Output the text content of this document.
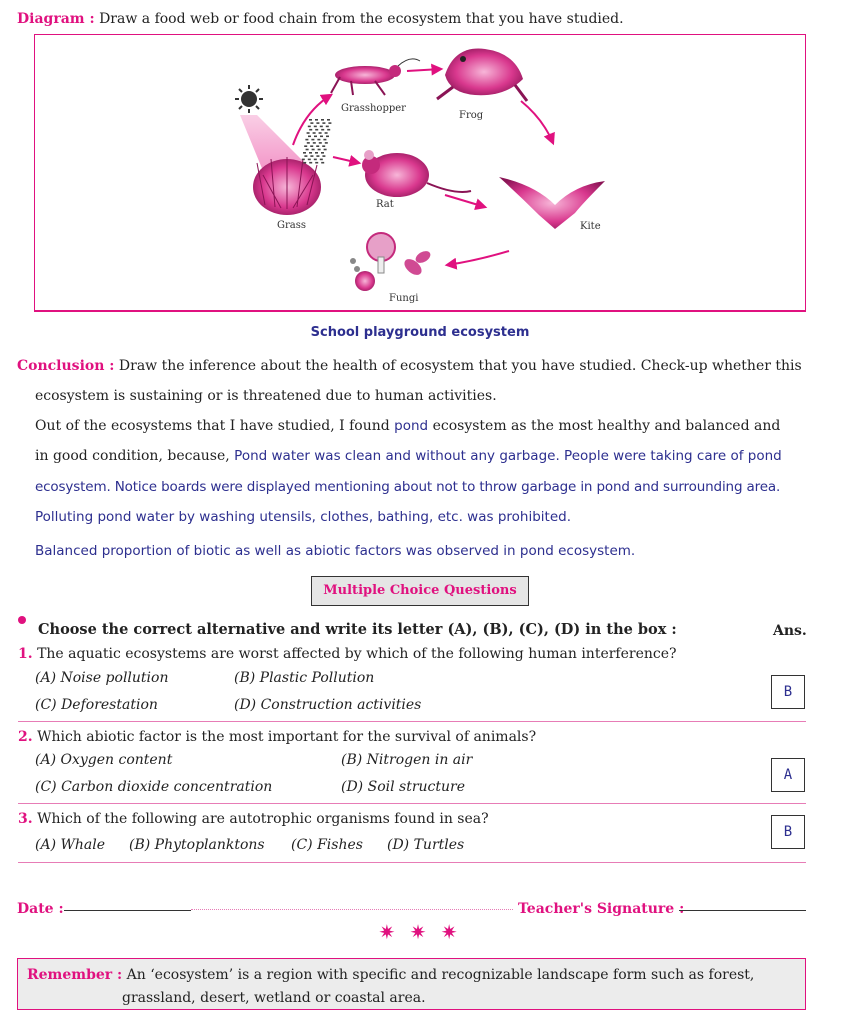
Diagram : Draw a food web or food chain from the ecosystem that you have studied.
Grass
Grasshopper
Frog
Rat
Kite
Fungi
School playground ecosystem
Conclusion : Draw the inference about the health of ecosystem that you have studied. Check-up whether this
ecosystem is sustaining or is threatened due to human activities.
Out of the ecosystems that I have studied, I found pond ecosystem as the most healthy and balanced and
in good condition, because, Pond water was clean and without any garbage. People were taking care of pond
ecosystem. Notice boards were displayed mentioning about not to throw garbage in pond and surrounding area.
Polluting pond water by washing utensils, clothes, bathing, etc. was prohibited.
Balanced proportion of biotic as well as abiotic factors was observed in pond ecosystem.
Multiple Choice Questions
Choose the correct alternative and write its letter (A), (B), (C), (D) in the box :	Ans.
1. The aquatic ecosystems are worst affected by which of the following human interference?
(A) Noise pollution	(B) Plastic Pollution
(C) Deforestation	(D) Construction activities
B
2. Which abiotic factor is the most important for the survival of animals?
(A) Oxygen content	(B) Nitrogen in air
(C) Carbon dioxide concentration	(D) Soil structure
A
3. Which of the following are autotrophic organisms found in sea?
(A) Whale (B) Phytoplanktons (C) Fishes (D) Turtles
B
Date :	Teacher's Signature :
✷ ✷ ✷
Remember : An ‘ecosystem’ is a region with specific and recognizable landscape form such as forest,
grassland, desert, wetland or coastal area.
